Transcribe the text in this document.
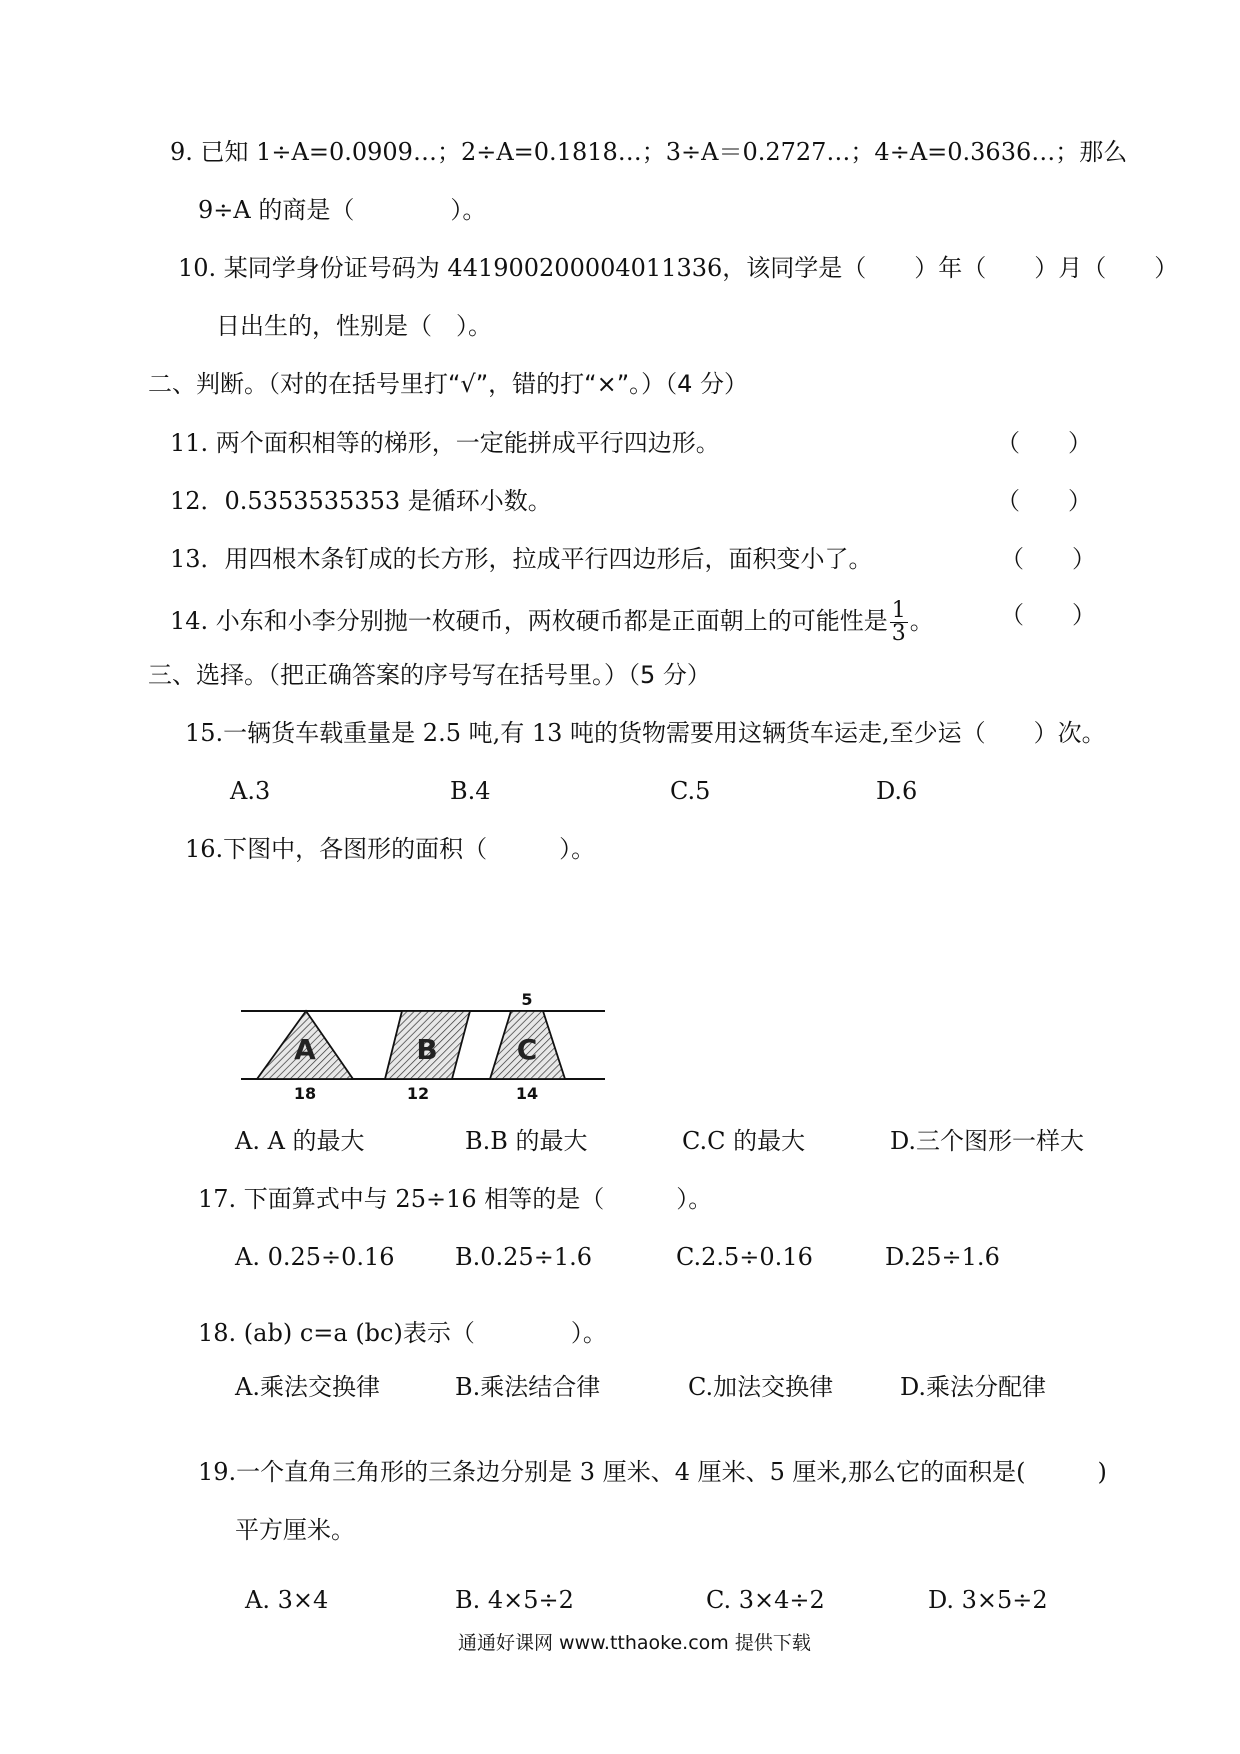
9. 已知 1÷A=0.0909…；2÷A=0.1818…；3÷A＝0.2727…；4÷A=0.3636…；那么
9÷A 的商是（　　　　）。
10. 某同学身份证号码为 441900200004011336，该同学是（　　）年（　　）月（　　）
日出生的，性别是（　）。
二、判断。（对的在括号里打“√”，错的打“×”。）（4 分）
11. 两个面积相等的梯形，一定能拼成平行四边形。	（　　）
12．0.5353535353 是循环小数。	（　　）
13．用四根木条钉成的长方形，拉成平行四边形后，面积变小了。	（　　）
14. 小东和小李分别抛一枚硬币，两枚硬币都是正面朝上的可能性是 $\frac{1}{3}$ 。	（　　）
三、选择。（把正确答案的序号写在括号里。）（5 分）
15.一辆货车载重量是 2.5 吨,有 13 吨的货物需要用这辆货车运走,至少运（　　）次。
A.3	B.4	C.5	D.6
16.下图中，各图形的面积（　　　）。
A	B	C
5
18	12	14
A. A 的最大	B.B 的最大	C.C 的最大	D.三个图形一样大
17. 下面算式中与 25÷16 相等的是（　　　）。
A. 0.25÷0.16	B.0.25÷1.6	C.2.5÷0.16	D.25÷1.6
18. (ab) c=a (bc)表示（　　　　）。
A.乘法交换律	B.乘法结合律	C.加法交换律	D.乘法分配律
19.一个直角三角形的三条边分别是 3 厘米、4 厘米、5 厘米,那么它的面积是(　　　)
平方厘米。
A. 3×4	B. 4×5÷2	C. 3×4÷2	D. 3×5÷2
通通好课网 www.tthaoke.com 提供下载
